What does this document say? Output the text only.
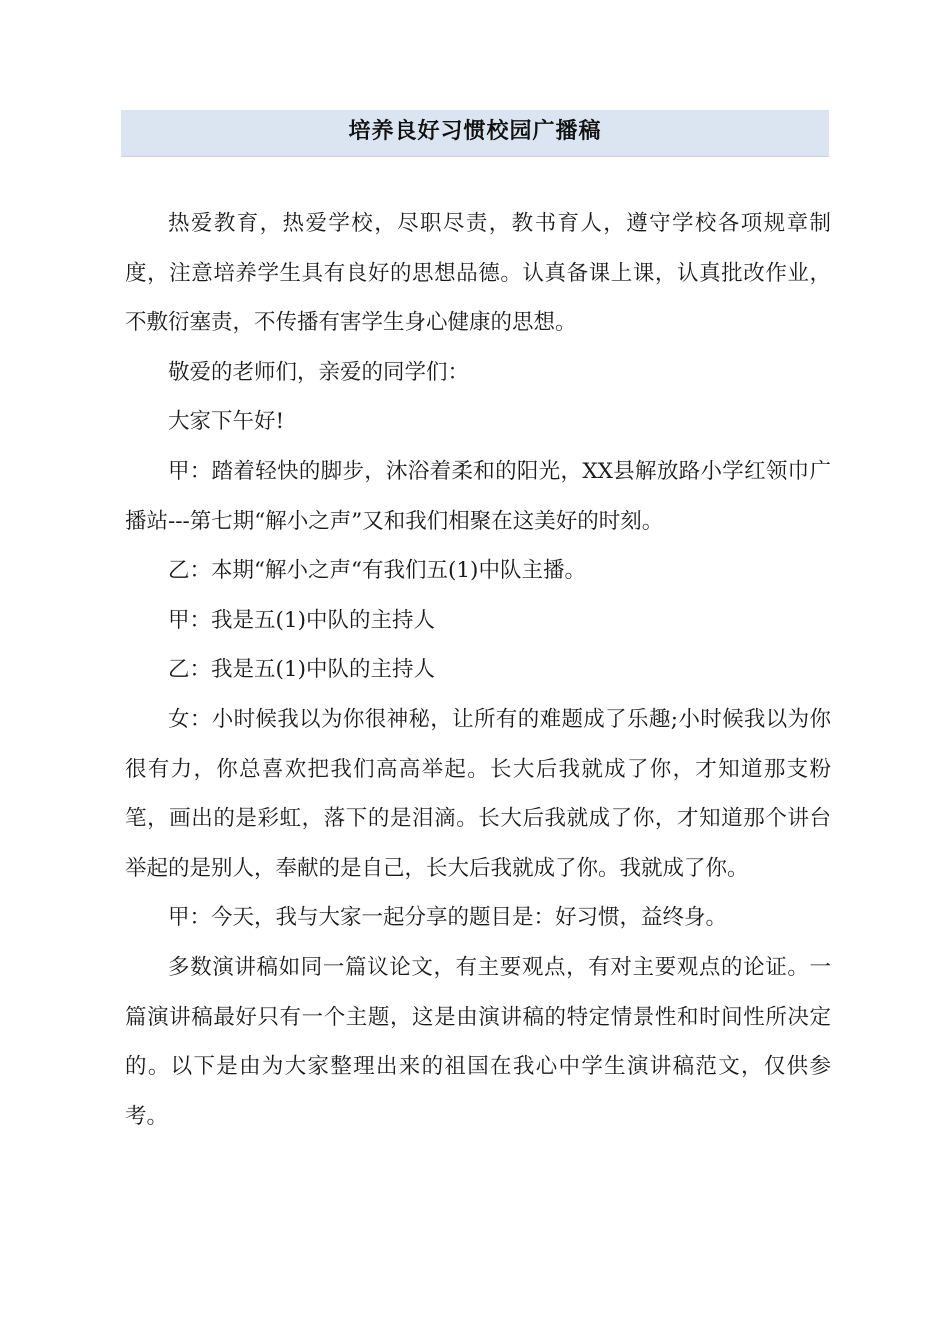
培养良好习惯校园广播稿

热爱教育，热爱学校，尽职尽责，教书育人，遵守学校各项规章制度，注意培养学生具有良好的思想品德。认真备课上课，认真批改作业，不敷衍塞责，不传播有害学生身心健康的思想。

敬爱的老师们，亲爱的同学们：

大家下午好!

甲：踏着轻快的脚步，沐浴着柔和的阳光，XX县解放路小学红领巾广播站---第七期“解小之声”又和我们相聚在这美好的时刻。

乙：本期“解小之声“有我们五(1)中队主播。

甲：我是五(1)中队的主持人

乙：我是五(1)中队的主持人

女：小时候我以为你很神秘，让所有的难题成了乐趣;小时候我以为你很有力，你总喜欢把我们高高举起。长大后我就成了你，才知道那支粉笔，画出的是彩虹，落下的是泪滴。长大后我就成了你，才知道那个讲台举起的是别人，奉献的是自己，长大后我就成了你。我就成了你。

甲：今天，我与大家一起分享的题目是：好习惯，益终身。

多数演讲稿如同一篇议论文，有主要观点，有对主要观点的论证。一篇演讲稿最好只有一个主题，这是由演讲稿的特定情景性和时间性所决定的。以下是由为大家整理出来的祖国在我心中学生演讲稿范文，仅供参考。
